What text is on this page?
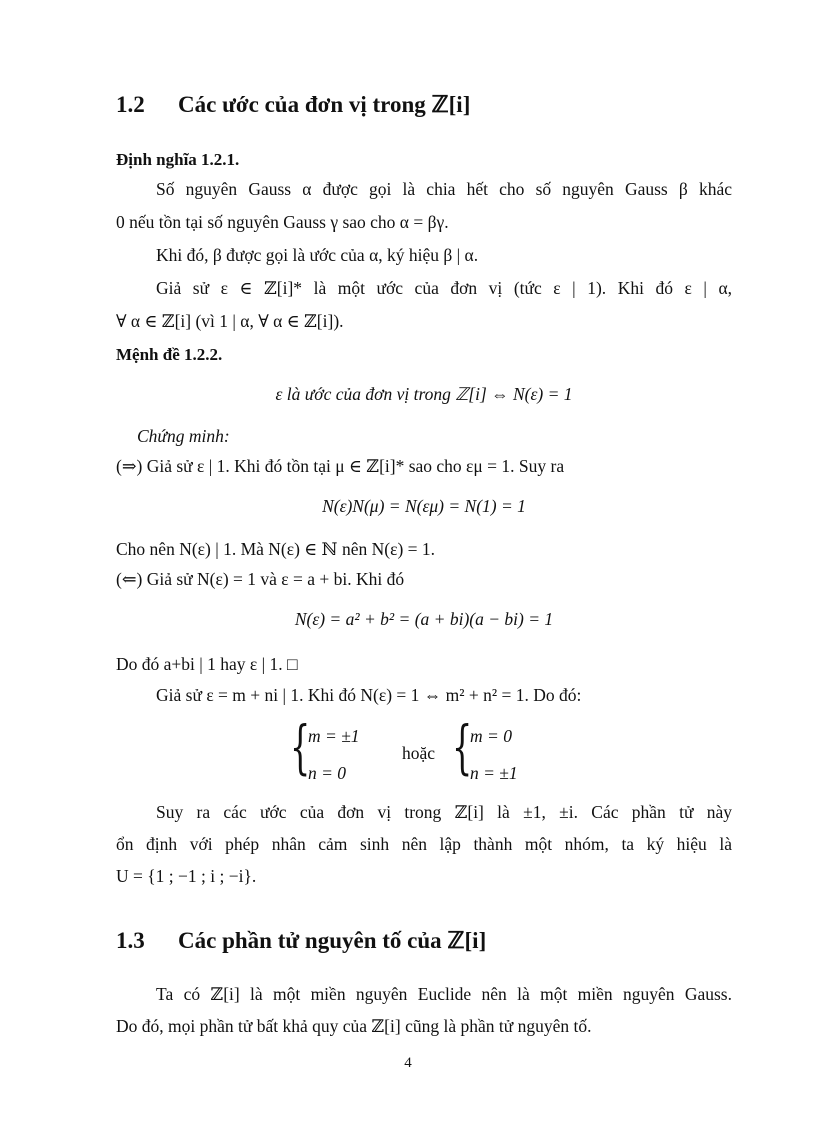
1.2 Các ước của đơn vị trong ℤ[i]
Định nghĩa 1.2.1.
Số nguyên Gauss α được gọi là chia hết cho số nguyên Gauss β khác
0 nếu tồn tại số nguyên Gauss γ sao cho α = βγ.
Khi đó, β được gọi là ước của α, ký hiệu β | α.
Giả sử ε ∈ ℤ[i]* là một ước của đơn vị (tức ε | 1). Khi đó ε | α,
∀ α ∈ ℤ[i] (vì 1 | α, ∀ α ∈ ℤ[i]).
Mệnh đề 1.2.2.
ε là ước của đơn vị trong ℤ[i] ⇔ N(ε) = 1
Chứng minh:
(⇒) Giả sử ε | 1. Khi đó tồn tại μ ∈ ℤ[i]* sao cho εμ = 1. Suy ra
N(ε)N(μ) = N(εμ) = N(1) = 1
Cho nên N(ε) | 1. Mà N(ε) ∈ ℕ nên N(ε) = 1.
(⇐) Giả sử N(ε) = 1 và ε = a + bi. Khi đó
N(ε) = a² + b² = (a + bi)(a − bi) = 1
Do đó a+bi | 1 hay ε | 1. □
Giả sử ε = m + ni | 1. Khi đó N(ε) = 1 ⇔ m² + n² = 1. Do đó:
{
m = ±1
n = 0
hoặc {
m = 0
n = ±1
Suy ra các ước của đơn vị trong ℤ[i] là ±1, ±i. Các phần tử này
ổn định với phép nhân cảm sinh nên lập thành một nhóm, ta ký hiệu là
U = {1 ; −1 ; i ; −i}.
1.3 Các phần tử nguyên tố của ℤ[i]
Ta có ℤ[i] là một miền nguyên Euclide nên là một miền nguyên Gauss.
Do đó, mọi phần tử bất khả quy của ℤ[i] cũng là phần tử nguyên tố.
4
